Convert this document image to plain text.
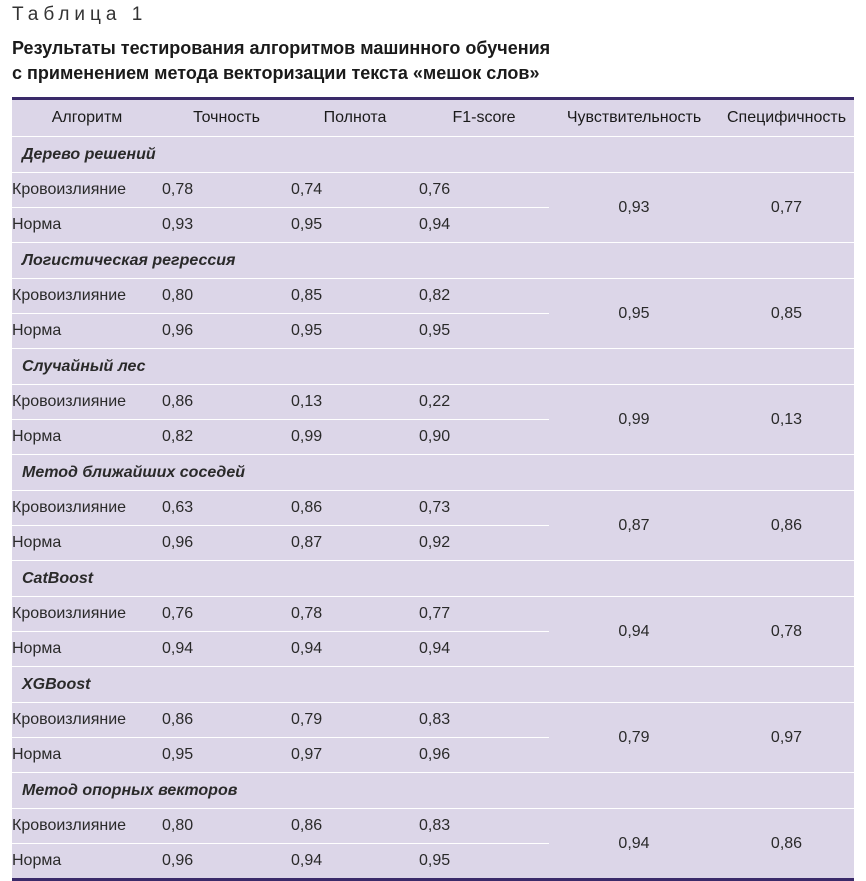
Таблица 1
Результаты тестирования алгоритмов машинного обучения
с применением метода векторизации текста «мешок слов»
Алгоритм	Точность	Полнота	F1-score	Чувствительность	Специфичность
Дерево решений					
Кровоизлияние	0,78	0,74	0,76	0,93	0,77
Норма	0,93	0,95	0,94		
Логистическая регрессия					
Кровоизлияние	0,80	0,85	0,82	0,95	0,85
Норма	0,96	0,95	0,95		
Случайный лес					
Кровоизлияние	0,86	0,13	0,22	0,99	0,13
Норма	0,82	0,99	0,90		
Метод ближайших соседей					
Кровоизлияние	0,63	0,86	0,73	0,87	0,86
Норма	0,96	0,87	0,92		
CatBoost					
Кровоизлияние	0,76	0,78	0,77	0,94	0,78
Норма	0,94	0,94	0,94		
XGBoost					
Кровоизлияние	0,86	0,79	0,83	0,79	0,97
Норма	0,95	0,97	0,96		
Метод опорных векторов					
Кровоизлияние	0,80	0,86	0,83	0,94	0,86
Норма	0,96	0,94	0,95		
